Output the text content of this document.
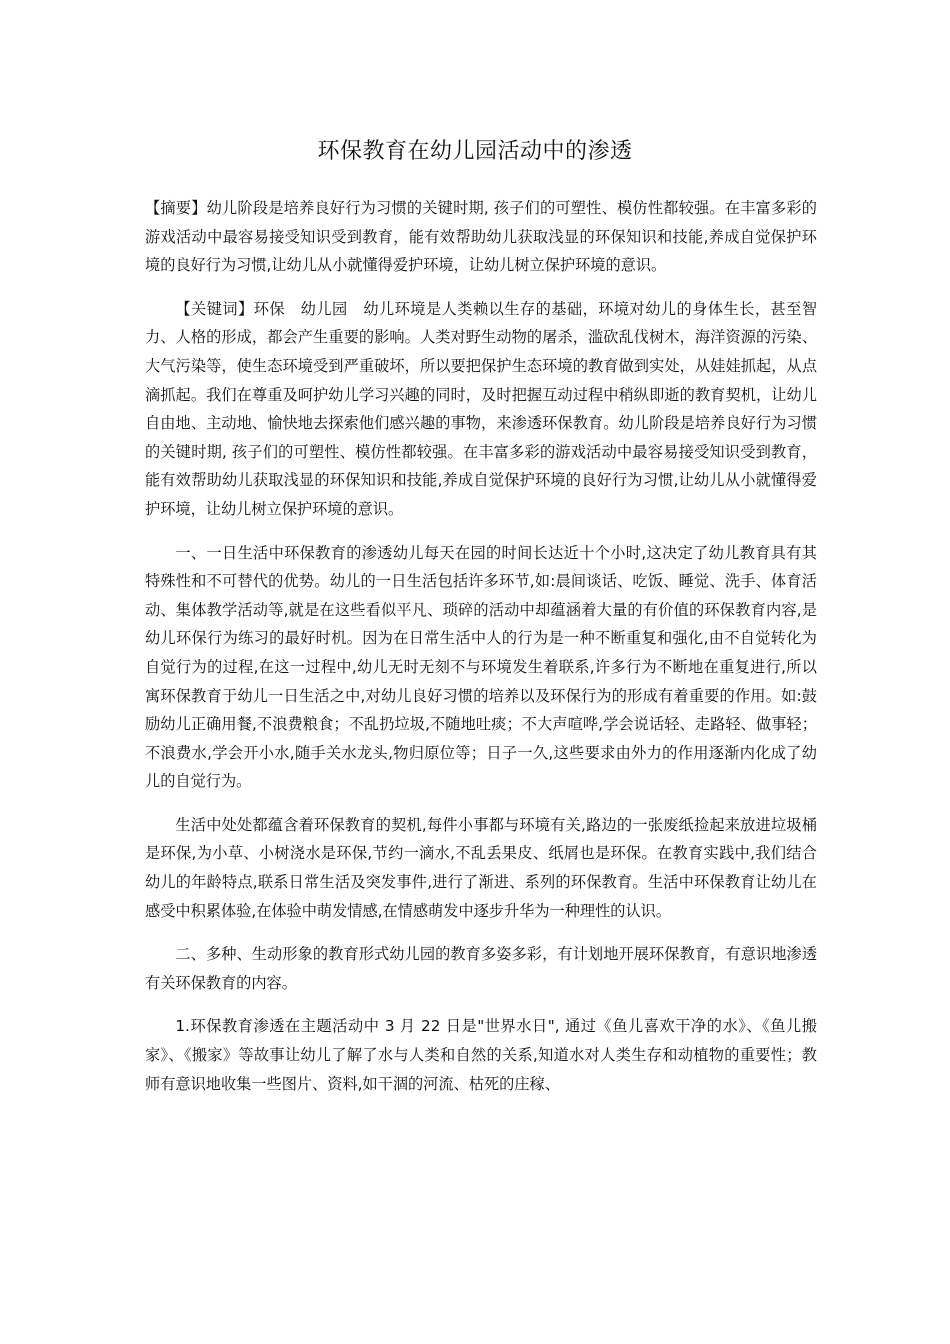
环保教育在幼儿园活动中的渗透

【摘要】幼儿阶段是培养良好行为习惯的关键时期, 孩子们的可塑性、模仿性都较强。在丰富多彩的游戏活动中最容易接受知识受到教育，能有效帮助幼儿获取浅显的环保知识和技能,养成自觉保护环境的良好行为习惯,让幼儿从小就懂得爱护环境，让幼儿树立保护环境的意识。

【关键词】环保　幼儿园　幼儿环境是人类赖以生存的基础，环境对幼儿的身体生长，甚至智力、人格的形成，都会产生重要的影响。人类对野生动物的屠杀，滥砍乱伐树木，海洋资源的污染、大气污染等，使生态环境受到严重破坏，所以要把保护生态环境的教育做到实处，从娃娃抓起，从点滴抓起。我们在尊重及呵护幼儿学习兴趣的同时，及时把握互动过程中稍纵即逝的教育契机，让幼儿自由地、主动地、愉快地去探索他们感兴趣的事物，来渗透环保教育。幼儿阶段是培养良好行为习惯的关键时期, 孩子们的可塑性、模仿性都较强。在丰富多彩的游戏活动中最容易接受知识受到教育，能有效帮助幼儿获取浅显的环保知识和技能,养成自觉保护环境的良好行为习惯,让幼儿从小就懂得爱护环境，让幼儿树立保护环境的意识。

一、一日生活中环保教育的渗透幼儿每天在园的时间长达近十个小时,这决定了幼儿教育具有其特殊性和不可替代的优势。幼儿的一日生活包括许多环节,如:晨间谈话、吃饭、睡觉、洗手、体育活动、集体教学活动等,就是在这些看似平凡、琐碎的活动中却蕴涵着大量的有价值的环保教育内容,是幼儿环保行为练习的最好时机。因为在日常生活中人的行为是一种不断重复和强化,由不自觉转化为自觉行为的过程,在这一过程中,幼儿无时无刻不与环境发生着联系,许多行为不断地在重复进行,所以寓环保教育于幼儿一日生活之中,对幼儿良好习惯的培养以及环保行为的形成有着重要的作用。如:鼓励幼儿正确用餐,不浪费粮食；不乱扔垃圾,不随地吐痰；不大声喧哗,学会说话轻、走路轻、做事轻；不浪费水,学会开小水,随手关水龙头,物归原位等；日子一久,这些要求由外力的作用逐渐内化成了幼儿的自觉行为。

生活中处处都蕴含着环保教育的契机,每件小事都与环境有关,路边的一张废纸捡起来放进垃圾桶是环保,为小草、小树浇水是环保,节约一滴水,不乱丢果皮、纸屑也是环保。在教育实践中,我们结合幼儿的年龄特点,联系日常生活及突发事件,进行了渐进、系列的环保教育。生活中环保教育让幼儿在感受中积累体验,在体验中萌发情感,在情感萌发中逐步升华为一种理性的认识。

二、多种、生动形象的教育形式幼儿园的教育多姿多彩，有计划地开展环保教育，有意识地渗透有关环保教育的内容。

1.环保教育渗透在主题活动中 3 月 22 日是"世界水日", 通过《鱼儿喜欢干净的水》、《鱼儿搬家》、《搬家》等故事让幼儿了解了水与人类和自然的关系,知道水对人类生存和动植物的重要性；教师有意识地收集一些图片、资料,如干涸的河流、枯死的庄稼、
